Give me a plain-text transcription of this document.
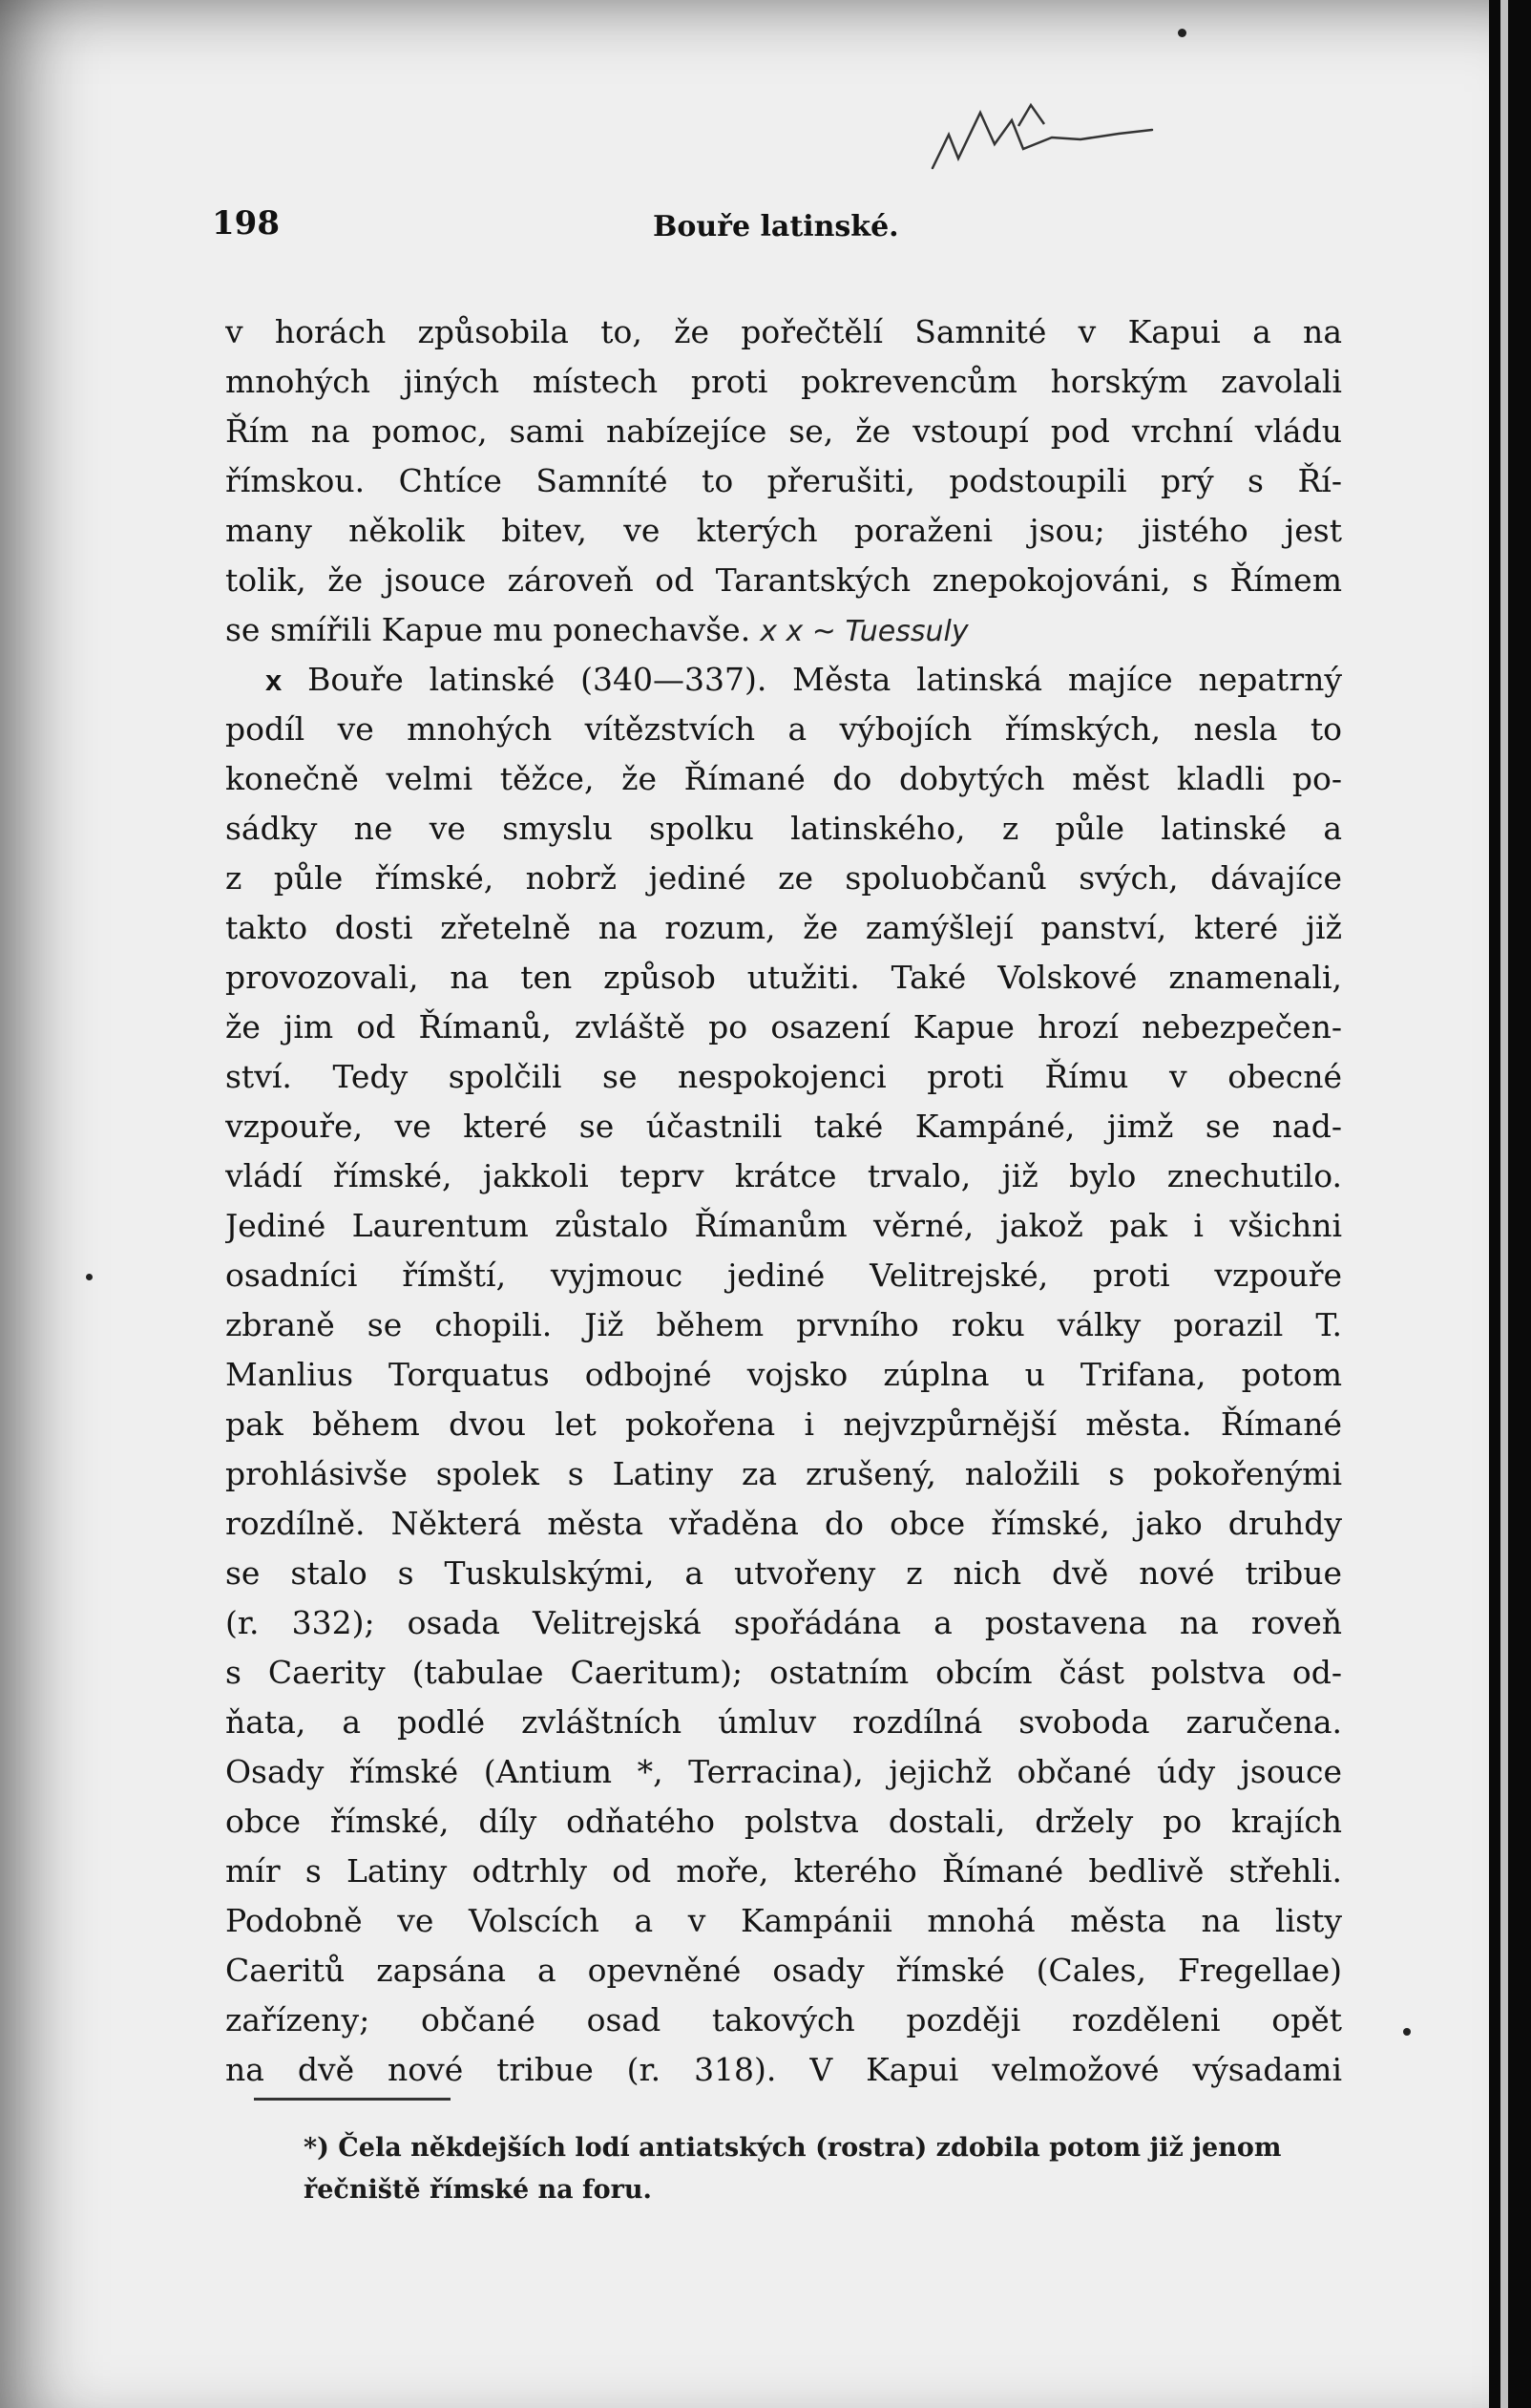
198	Bouře latinské.
v horách způsobila to, že pořečtělí Samnité v Kapui a na
mnohých jiných místech proti pokrevencům horským zavolali
Řím na pomoc, sami nabízejíce se, že vstoupí pod vrchní vládu
římskou. Chtíce Samníté to přerušiti, podstoupili prý s Ří-
many několik bitev, ve kterých poraženi jsou; jistého jest
tolik, že jsouce zároveň od Tarantských znepokojováni, s Římem
se smířili Kapue mu ponechavše. x x ~ Tuessuly
x Bouře latinské (340—337). Města latinská majíce nepatrný
podíl ve mnohých vítězstvích a výbojích římských, nesla to
konečně velmi těžce, že Římané do dobytých měst kladli po-
sádky ne ve smyslu spolku latinského, z půle latinské a
z půle římské, nobrž jediné ze spoluobčanů svých, dávajíce
takto dosti zřetelně na rozum, že zamýšlejí panství, které již
provozovali, na ten způsob utužiti. Také Volskové znamenali,
že jim od Římanů, zvláště po osazení Kapue hrozí nebezpečen-
ství. Tedy spolčili se nespokojenci proti Římu v obecné
vzpouře, ve které se účastnili také Kampáné, jimž se nad-
vládí římské, jakkoli teprv krátce trvalo, již bylo znechutilo.
Jediné Laurentum zůstalo Římanům věrné, jakož pak i všichni
osadníci římští, vyjmouc jediné Velitrejské, proti vzpouře
zbraně se chopili. Již během prvního roku války porazil T.
Manlius Torquatus odbojné vojsko zúplna u Trifana, potom
pak během dvou let pokořena i nejvzpůrnější města. Římané
prohlásivše spolek s Latiny za zrušený, naložili s pokořenými
rozdílně. Některá města vřaděna do obce římské, jako druhdy
se stalo s Tuskulskými, a utvořeny z nich dvě nové tribue
(r. 332); osada Velitrejská spořádána a postavena na roveň
s Caerity (tabulae Caeritum); ostatním obcím část polstva od-
ňata, a podlé zvláštních úmluv rozdílná svoboda zaručena.
Osady římské (Antium *, Terracina), jejichž občané údy jsouce
obce římské, díly odňatého polstva dostali, držely po krajích
mír s Latiny odtrhly od moře, kterého Římané bedlivě střehli.
Podobně ve Volscích a v Kampánii mnohá města na listy
Caeritů zapsána a opevněné osady římské (Cales, Fregellae)
zařízeny; občané osad takových později rozděleni opět
na dvě nové tribue (r. 318). V Kapui velmožové výsadami
*) Čela někdejších lodí antiatských (rostra) zdobila potom již jenom
řečniště římské na foru.
